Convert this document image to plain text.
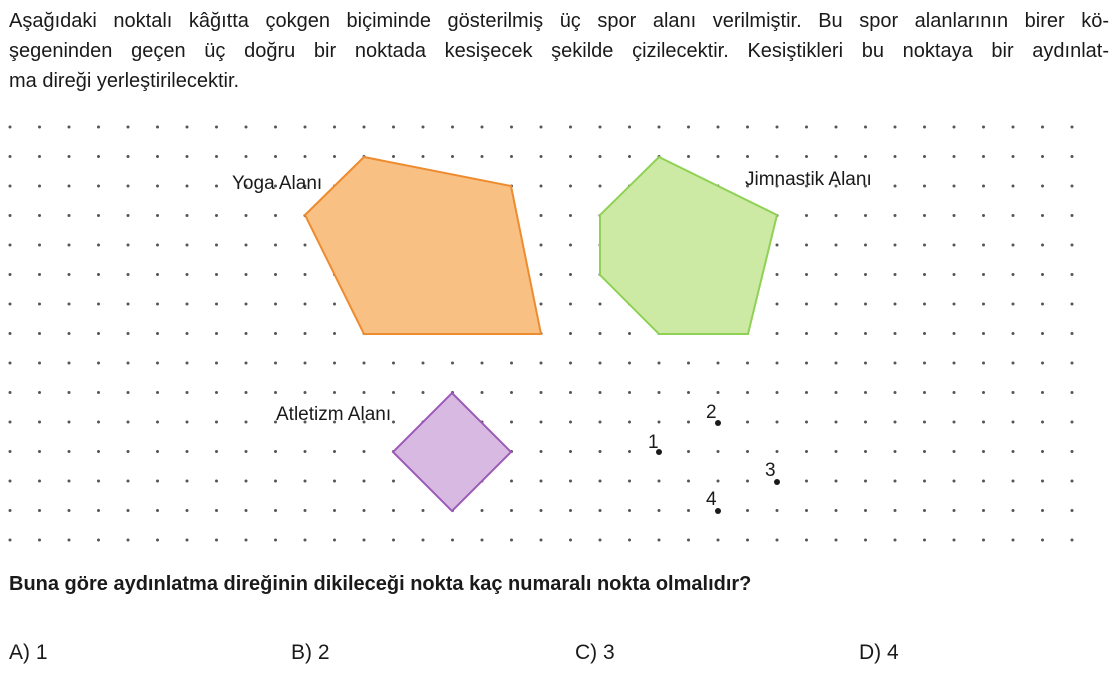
Aşağıdaki noktalı kâğıtta çokgen biçiminde gösterilmiş üç spor alanı verilmiştir. Bu spor alanlarının birer kö-
şegeninden geçen üç doğru bir noktada kesişecek şekilde çizilecektir. Kesiştikleri bu noktaya bir aydınlat-
ma direği yerleştirilecektir.
Yoga Alanı	Jimnastik Alanı
Atletizm Alanı
1
2
3
4

Buna göre aydınlatma direğinin dikileceği nokta kaç numaralı nokta olmalıdır?

A) 1	B) 2	C) 3	D) 4
